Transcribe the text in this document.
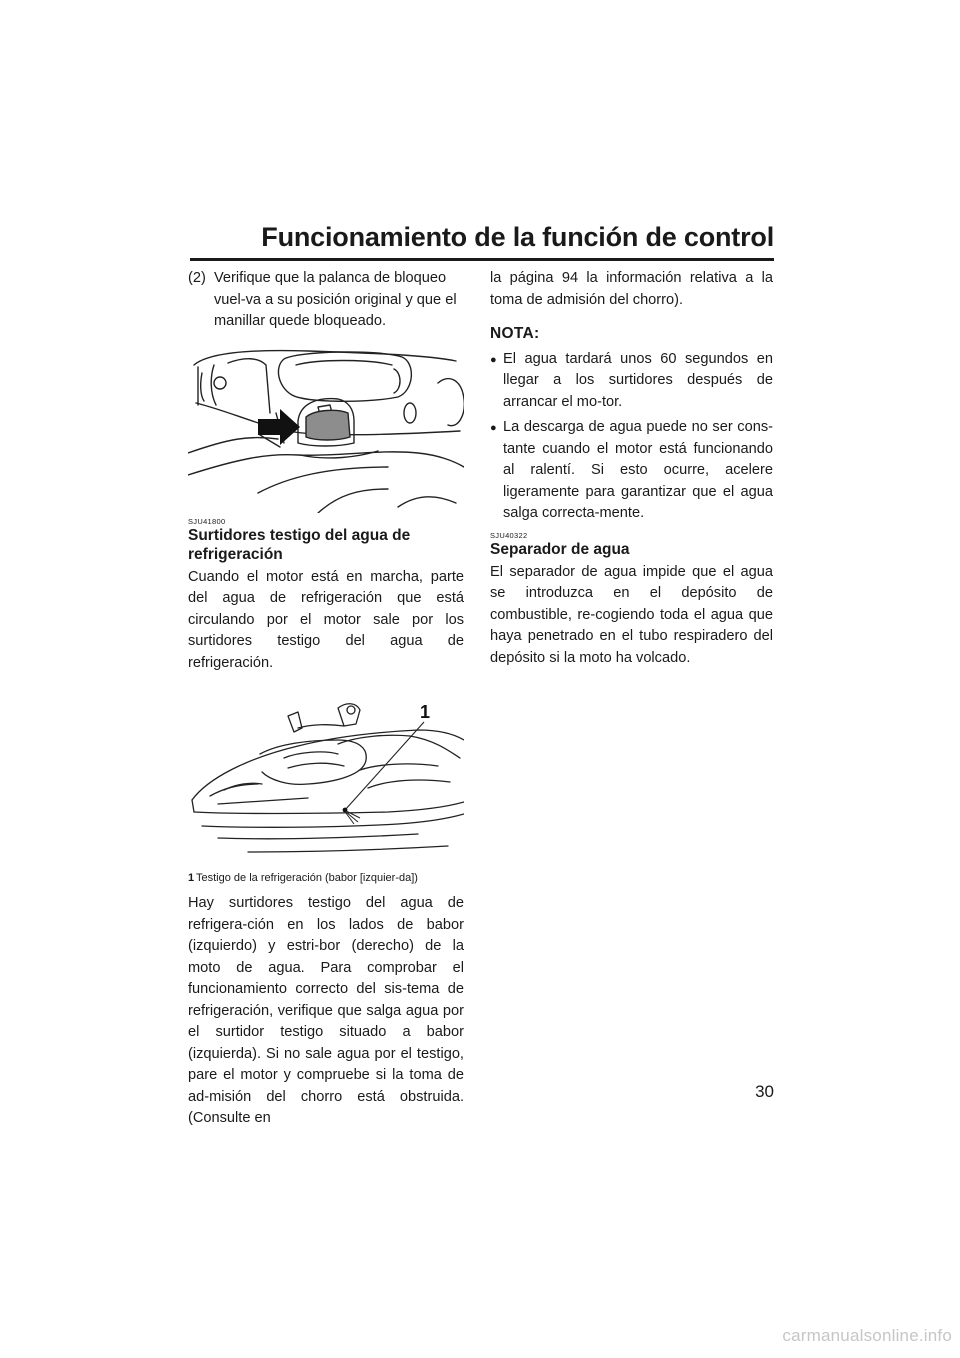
Funcionamiento de la función de control
(2) Verifique que la palanca de bloqueo vuel-va a su posición original y que el manillar quede bloqueado.
SJU41800
Surtidores testigo del agua de refrigeración
Cuando el motor está en marcha, parte del agua de refrigeración que está circulando por el motor sale por los surtidores testigo del agua de refrigeración.
1
1 Testigo de la refrigeración (babor [izquier-da])
Hay surtidores testigo del agua de refrigera-ción en los lados de babor (izquierdo) y estri-bor (derecho) de la moto de agua. Para comprobar el funcionamiento correcto del sis-tema de refrigeración, verifique que salga agua por el surtidor testigo situado a babor (izquierda). Si no sale agua por el testigo, pare el motor y compruebe si la toma de ad-misión del chorro está obstruida. (Consulte en
la página 94 la información relativa a la toma de admisión del chorro).
NOTA:
● El agua tardará unos 60 segundos en llegar a los surtidores después de arrancar el mo-tor.
● La descarga de agua puede no ser cons-tante cuando el motor está funcionando al ralentí. Si esto ocurre, acelere ligeramente para garantizar que el agua salga correcta-mente.
SJU40322
Separador de agua
El separador de agua impide que el agua se introduzca en el depósito de combustible, re-cogiendo toda el agua que haya penetrado en el tubo respiradero del depósito si la moto ha volcado.
30
carmanualsonline.info
